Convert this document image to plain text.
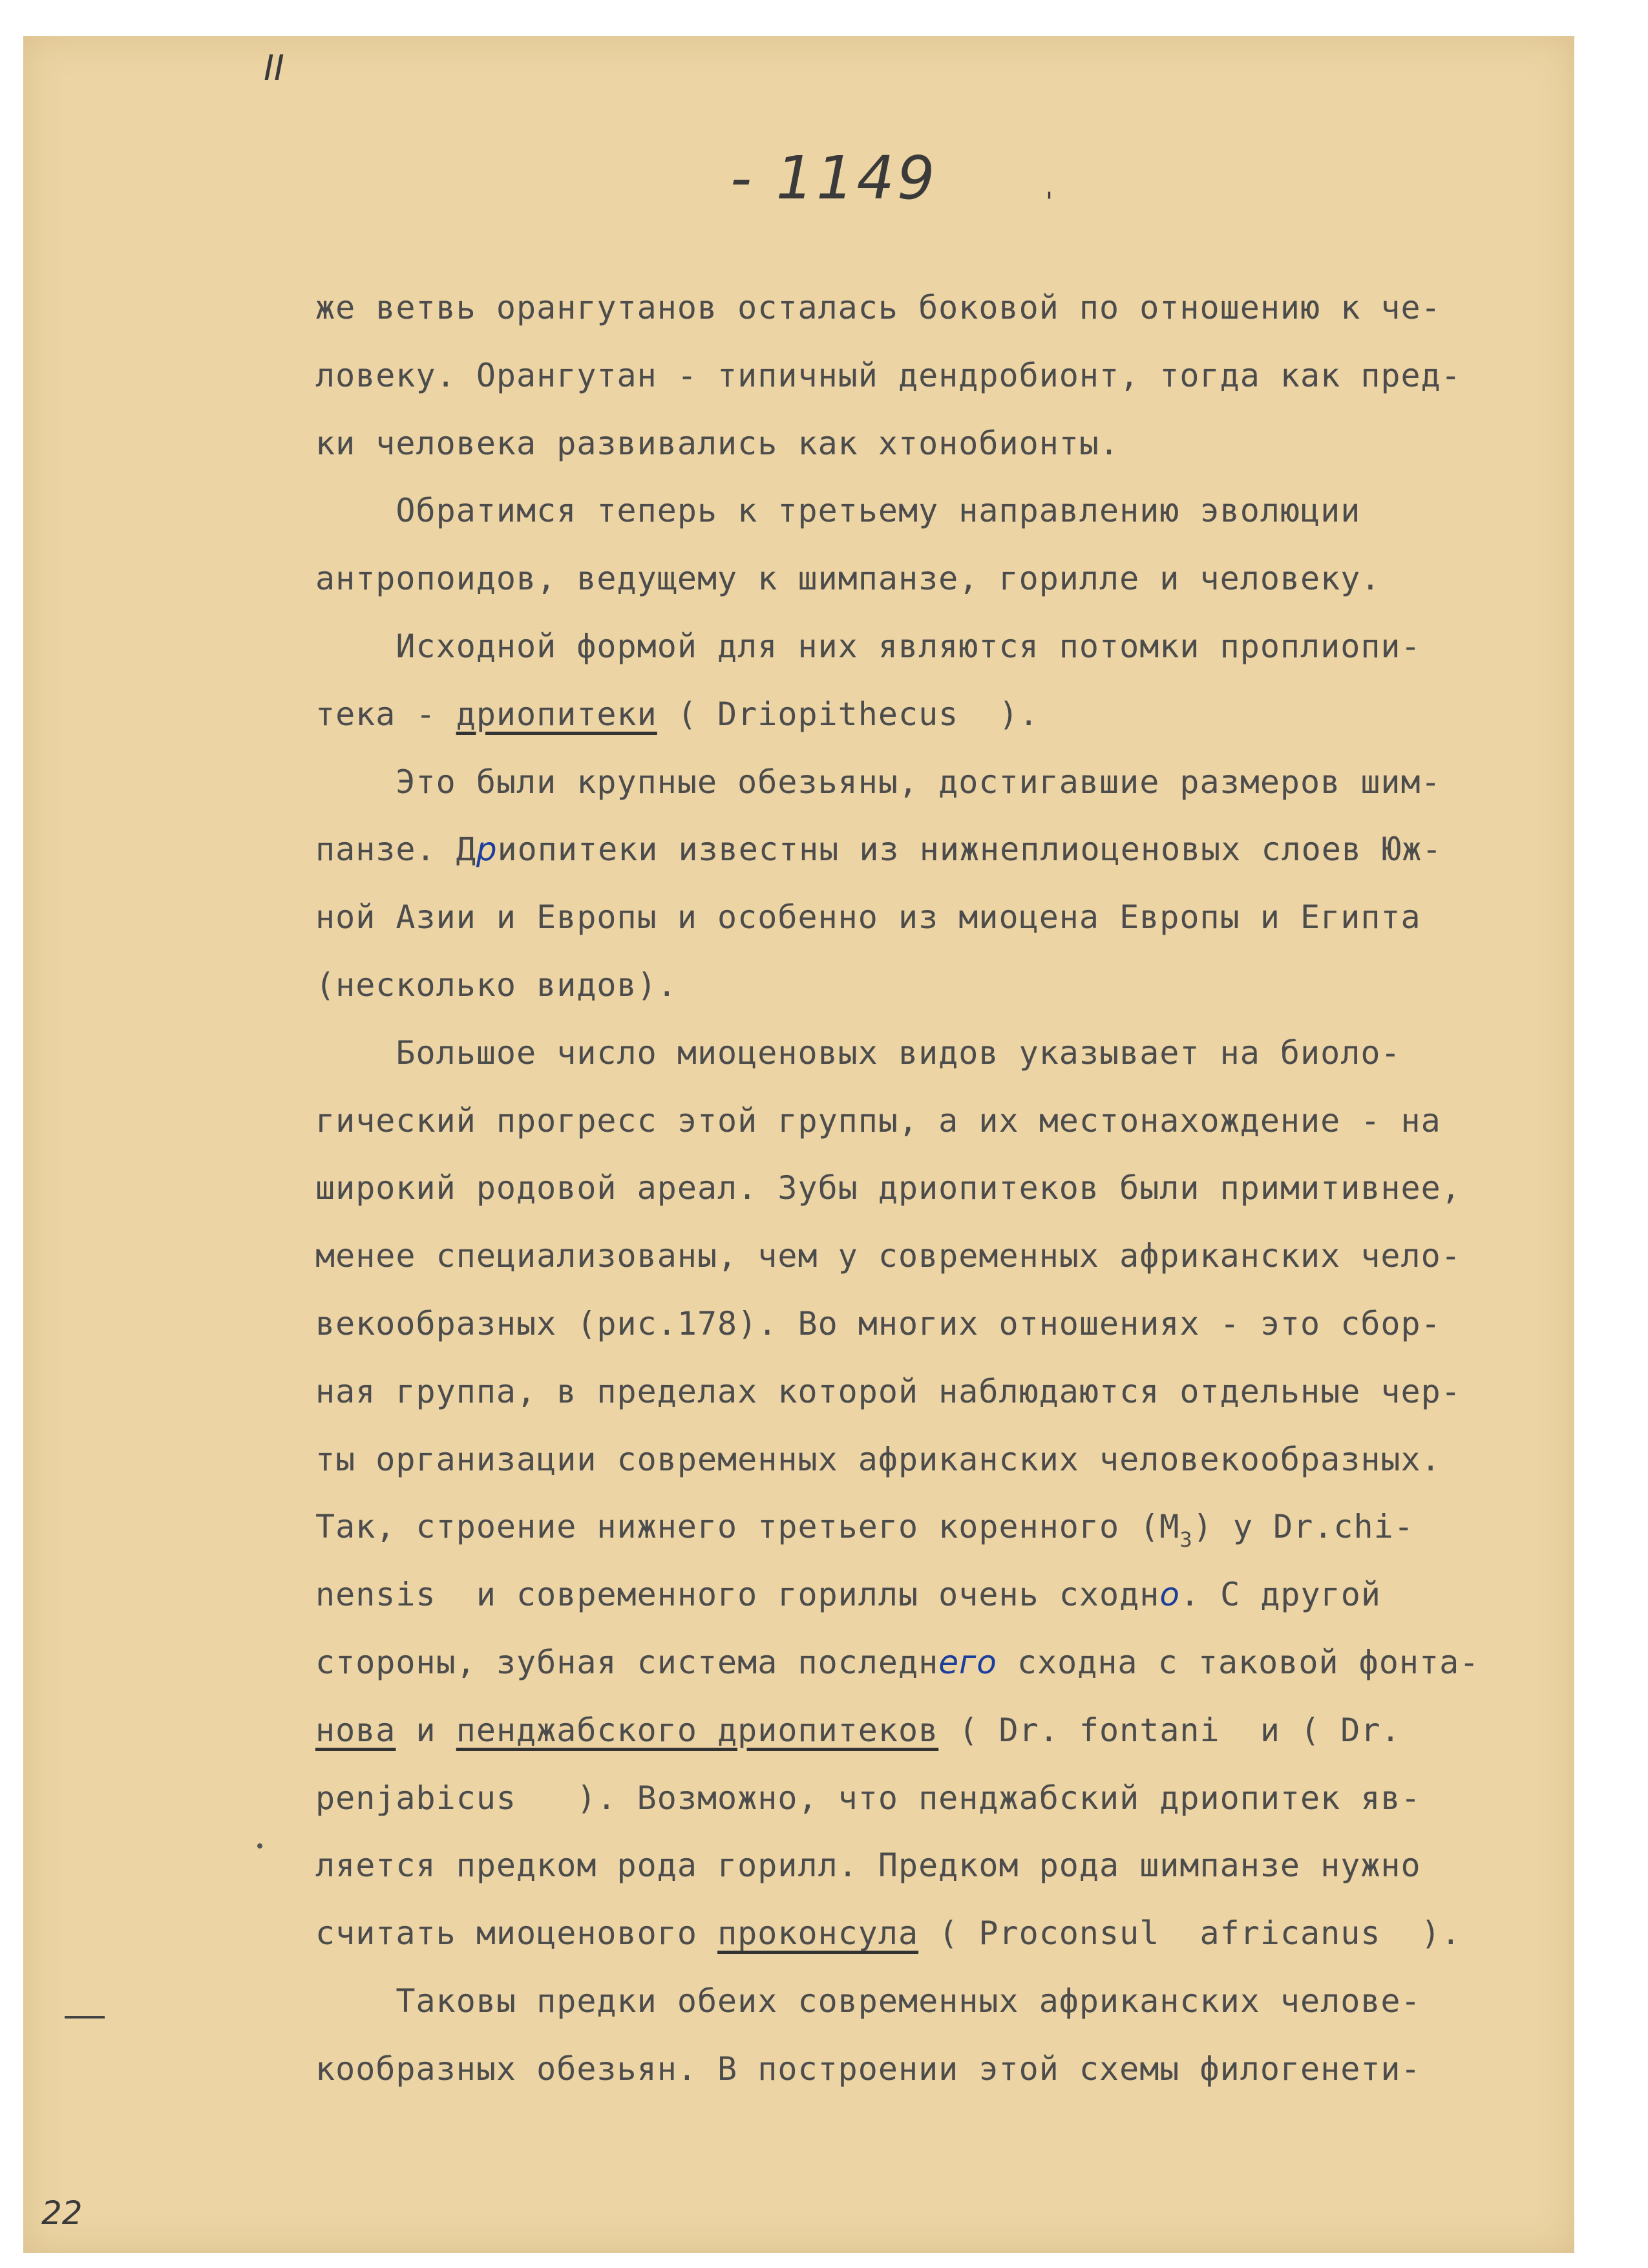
II
- 1149	'
22
же ветвь орангутанов осталась боковой по отношению к че-
ловеку. Орангутан - типичный дендробионт, тогда как пред-
ки человека развивались как хтонобионты.
Обратимся теперь к третьему направлению эволюции
антропоидов, ведущему к шимпанзе, горилле и человеку.
Исходной формой для них являются потомки проплиопи-
тека - дриопитеки ( Driopithecus  ).
Это были крупные обезьяны, достигавшие размеров шим-
панзе. Дриопитеки известны из нижнеплиоценовых слоев Юж-
ной Азии и Европы и особенно из миоцена Европы и Египта
(несколько видов).
Большое число миоценовых видов указывает на биоло-
гический прогресс этой группы, а их местонахождение - на
широкий родовой ареал. Зубы дриопитеков были примитивнее,
менее специализованы, чем у современных африканских чело-
векообразных (рис.178). Во многих отношениях - это сбор-
ная группа, в пределах которой наблюдаются отдельные чер-
ты организации современных африканских человекообразных.
Так, строение нижнего третьего коренного $(M_3)$ у Dr.chi-
nensis  и современного гориллы очень сходно. С другой
стороны, зубная система последнего сходна с таковой фонта-
нова и пенджабского дриопитеков ( Dr. fontani  и ( Dr.
penjabicus   ). Возможно, что пенджабский дриопитек яв-
ляется предком рода горилл. Предком рода шимпанзе нужно
считать миоценового проконсула ( Proconsul  africanus  ).
Таковы предки обеих современных африканских челове-
кообразных обезьян. В построении этой схемы филогенети-
